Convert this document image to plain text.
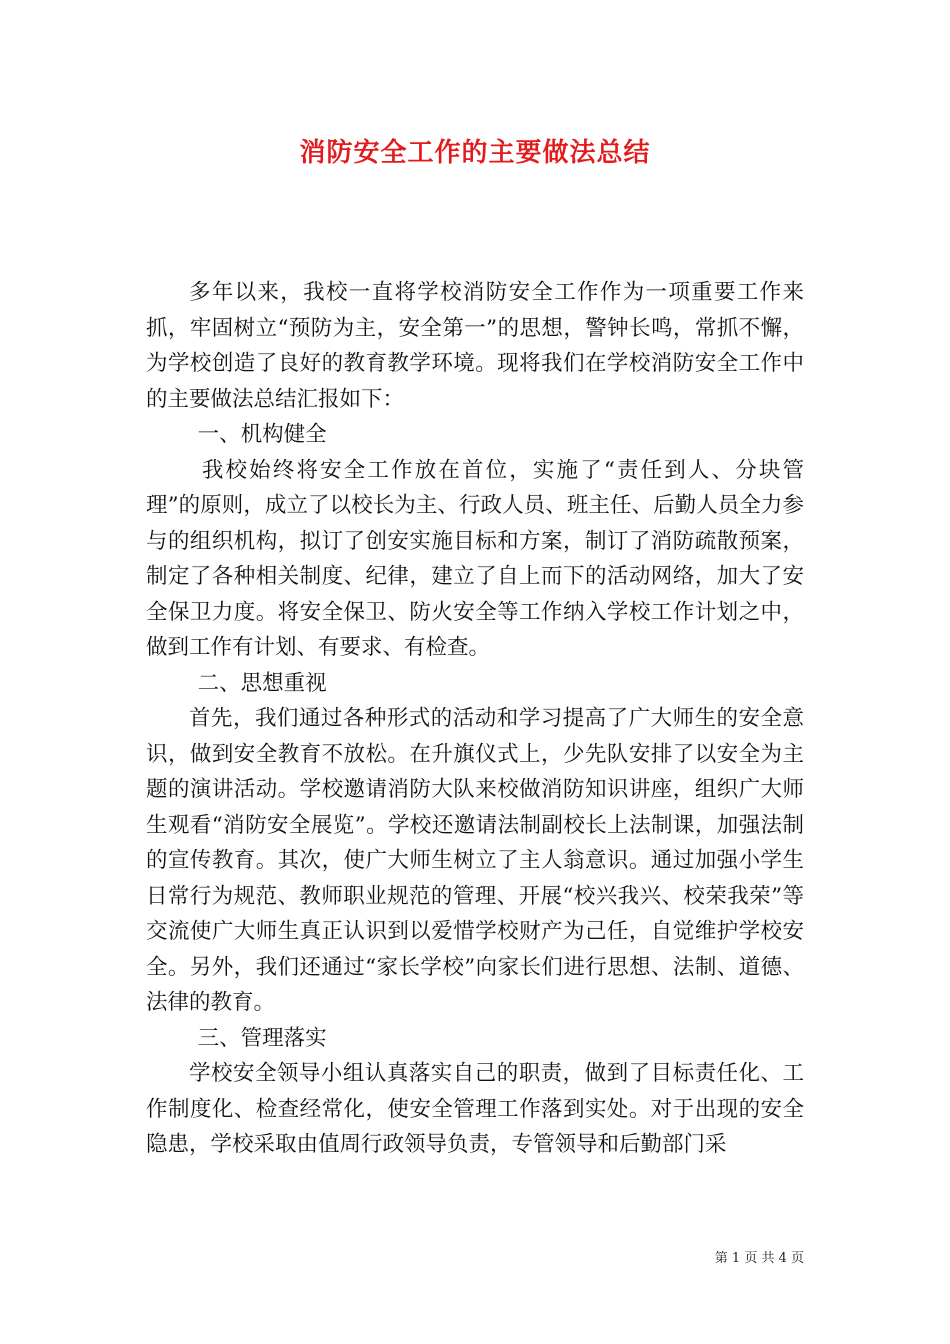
消防安全工作的主要做法总结

多年以来，我校一直将学校消防安全工作作为一项重要工作来抓，牢固树立“预防为主，安全第一”的思想，警钟长鸣，常抓不懈，为学校创造了良好的教育教学环境。现将我们在学校消防安全工作中的主要做法总结汇报如下：

一、机构健全

我校始终将安全工作放在首位，实施了“责任到人、分块管理”的原则，成立了以校长为主、行政人员、班主任、后勤人员全力参与的组织机构，拟订了创安实施目标和方案，制订了消防疏散预案，制定了各种相关制度、纪律，建立了自上而下的活动网络，加大了安全保卫力度。将安全保卫、防火安全等工作纳入学校工作计划之中，做到工作有计划、有要求、有检查。

二、思想重视

首先，我们通过各种形式的活动和学习提高了广大师生的安全意识，做到安全教育不放松。在升旗仪式上，少先队安排了以安全为主题的演讲活动。学校邀请消防大队来校做消防知识讲座，组织广大师生观看“消防安全展览”。学校还邀请法制副校长上法制课，加强法制的宣传教育。其次，使广大师生树立了主人翁意识。通过加强小学生日常行为规范、教师职业规范的管理、开展“校兴我兴、校荣我荣”等交流使广大师生真正认识到以爱惜学校财产为己任，自觉维护学校安全。另外，我们还通过“家长学校”向家长们进行思想、法制、道德、法律的教育。

三、管理落实

学校安全领导小组认真落实自己的职责，做到了目标责任化、工作制度化、检查经常化，使安全管理工作落到实处。对于出现的安全隐患，学校采取由值周行政领导负责，专管领导和后勤部门采

第 1 页 共 4 页
